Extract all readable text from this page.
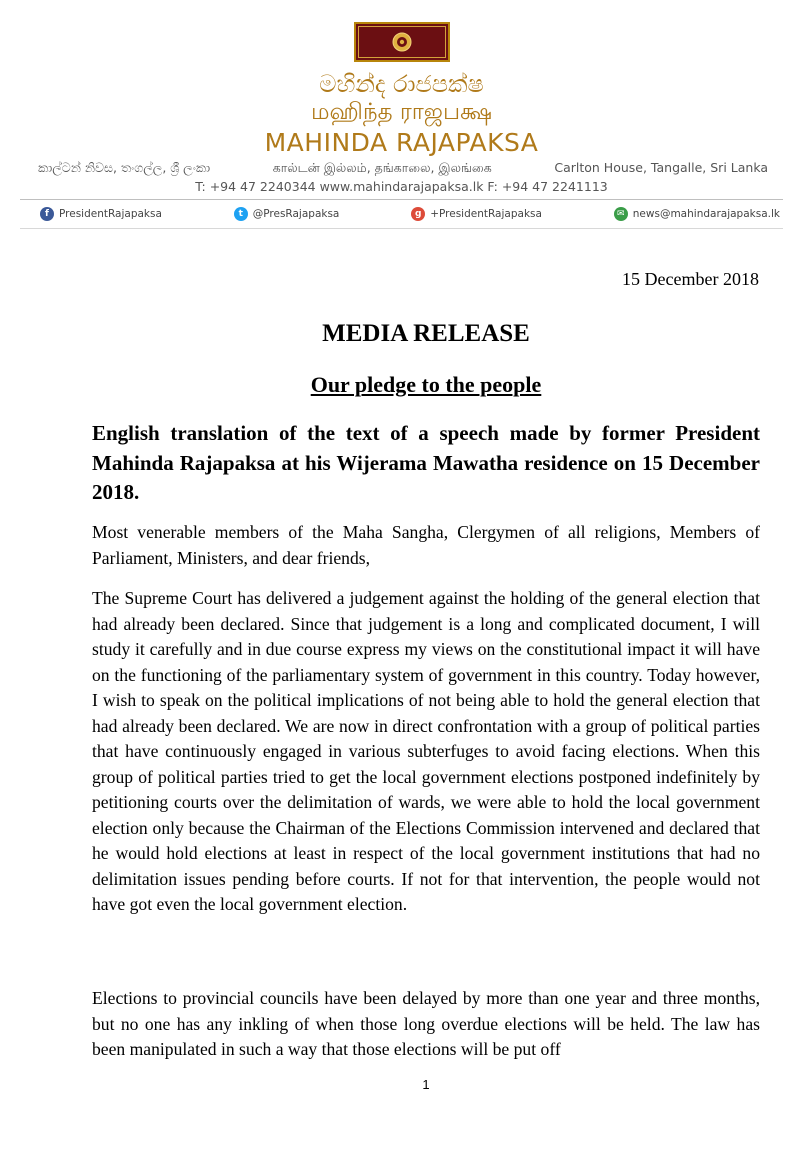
මහින්ද රාජපක්ෂ
மஹிந்த ராஜபக்ஷ
MAHINDA RAJAPAKSA
කාල්ටන් නිවස, තංගල්ල, ශ්‍රී ලංකා	கால்டன் இல்லம், தங்காலை, இலங்கை	Carlton House, Tangalle, Sri Lanka
T: +94 47 2240344 www.mahindarajapaksa.lk F: +94 47 2241113
f PresidentRajapaksa	t @PresRajapaksa	g +PresidentRajapaksa	✉ news@mahindarajapaksa.lk
15 December 2018
MEDIA RELEASE
Our pledge to the people
English translation of the text of a speech made by former President Mahinda Rajapaksa at his Wijerama Mawatha residence on 15 December 2018.
Most venerable members of the Maha Sangha, Clergymen of all religions, Members of Parliament, Ministers, and dear friends,
The Supreme Court has delivered a judgement against the holding of the general election that had already been declared. Since that judgement is a long and complicated document, I will study it carefully and in due course express my views on the constitutional impact it will have on the functioning of the parliamentary system of government in this country. Today however, I wish to speak on the political implications of not being able to hold the general election that had already been declared. We are now in direct confrontation with a group of political parties that have continuously engaged in various subterfuges to avoid facing elections. When this group of political parties tried to get the local government elections postponed indefinitely by petitioning courts over the delimitation of wards, we were able to hold the local government election only because the Chairman of the Elections Commission intervened and declared that he would hold elections at least in respect of the local government institutions that had no delimitation issues pending before courts. If not for that intervention, the people would not have got even the local government election.
Elections to provincial councils have been delayed by more than one year and three months, but no one has any inkling of when those long overdue elections will be held. The law has been manipulated in such a way that those elections will be put off
1
